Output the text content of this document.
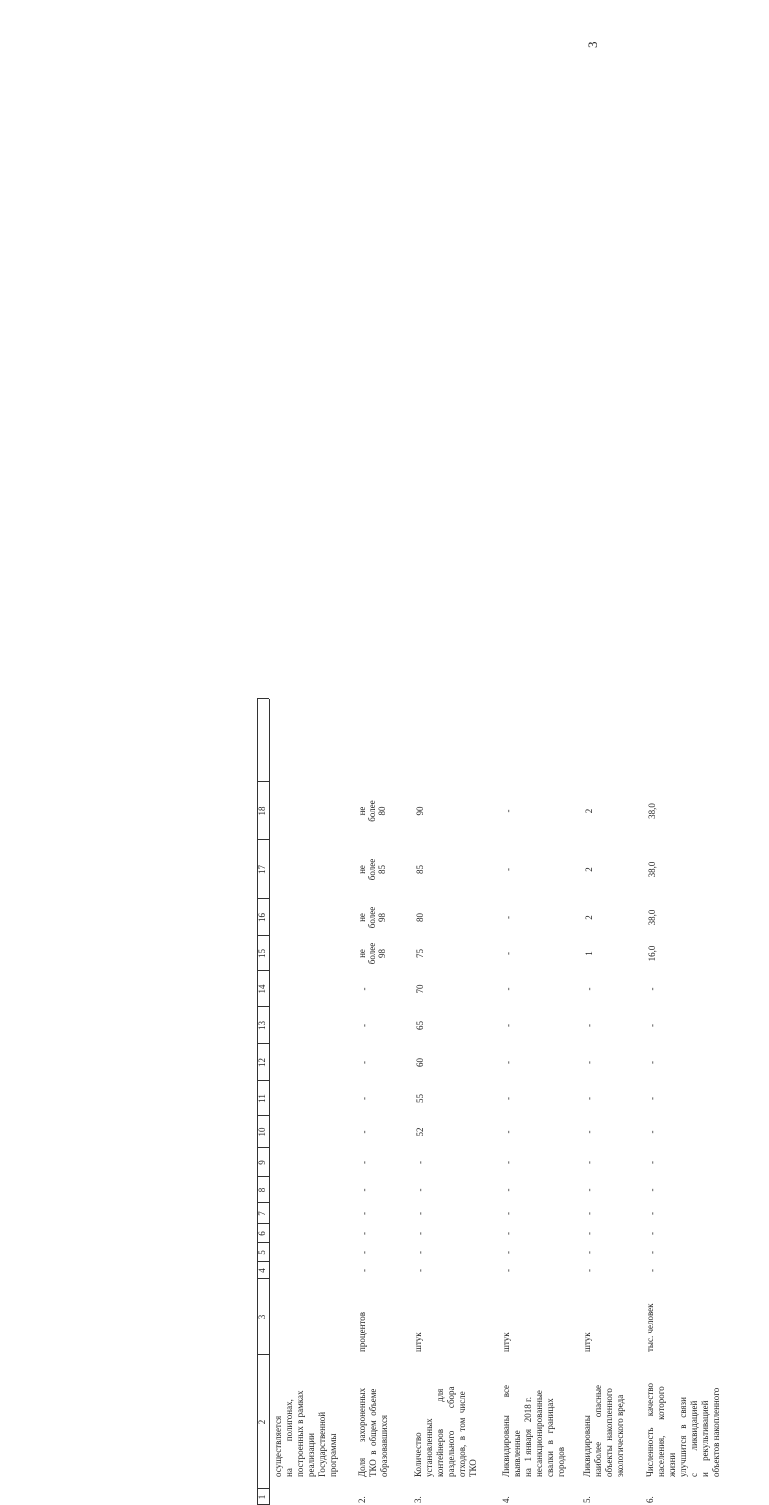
3
1
2
3
4
5
6
7
8
9
10
11
12
13
14
15
16
17
18
осуществляется
на            полигонах,
построенных в рамках
реализации
Государственной
программы
2.
Доля       захороненных
ТКО  в  общем  объеме
образовавшихся
процентов
-
-
-
-
-
-
-
-
-
-
-
не
более
98
не
более
98
не
более
85
не
более
80
3.
Количество
установленных
контейнеров            для
раздельного          сбора
отходов,  в  том  числе
ТКО
штук
-
-
-
-
-
-
52
55
60
65
70
75
80
85
90
4.
Ликвидированы        все
выявленные
на   1 января   2018 г.
несанкционированные
свалки   в   границах
городов
штук
-
-
-
-
-
-
-
-
-
-
-
-
-
-
-
5.
Ликвидированы
наиболее           опасные
объекты  накопленного
экологического вреда
штук
-
-
-
-
-
-
-
-
-
-
-
1
2
2
2
6.
Численность     качество
населения,       которого
жизни
улучшится   в   связи
с          ликвидацией
и     рекультивацией
объектов накопленного
тыс. человек
-
-
-
-
-
-
-
-
-
-
-
16,0
38,0
38,0
38,0
